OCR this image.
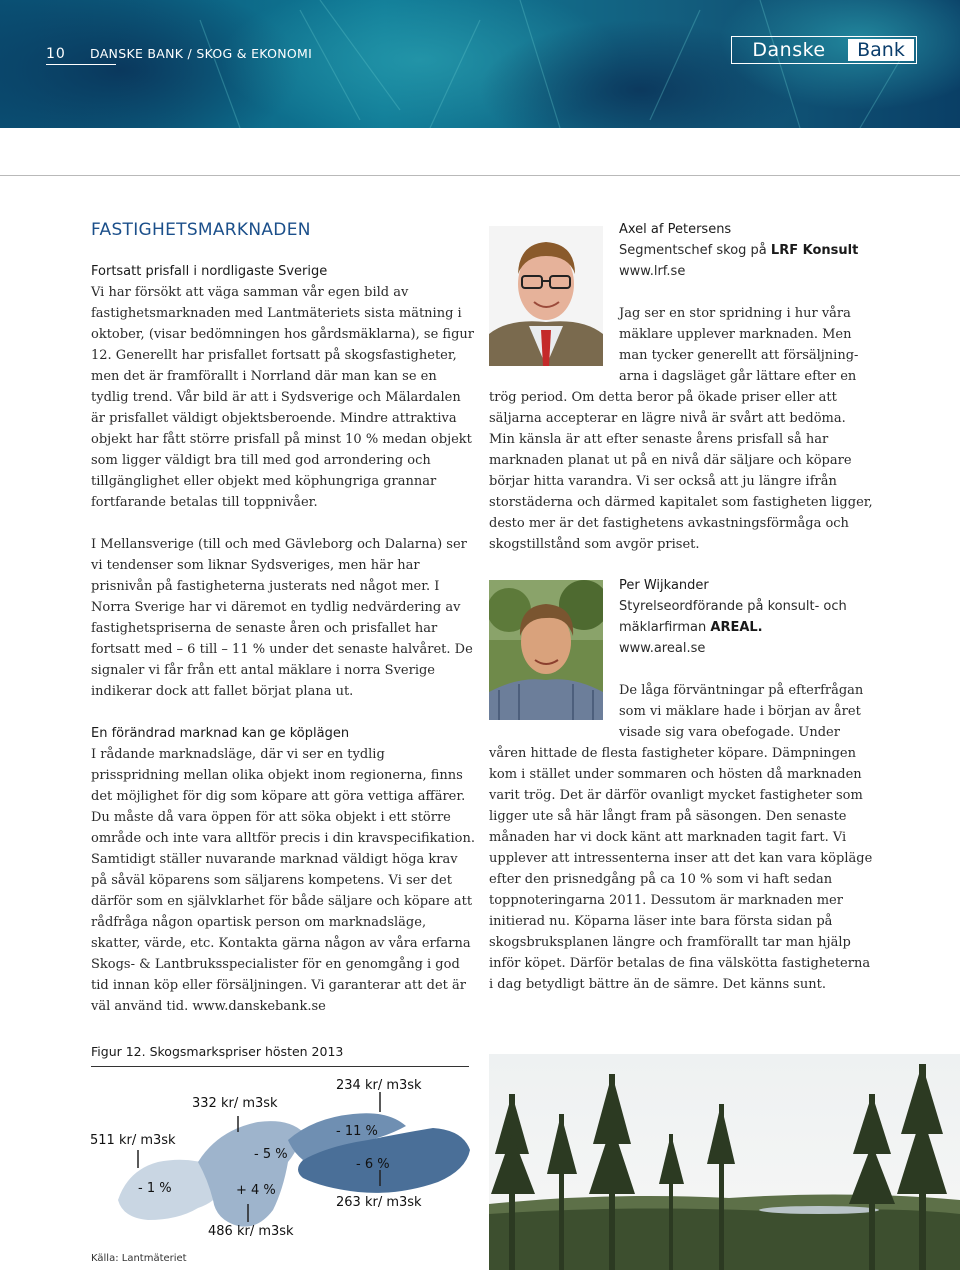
10 DANSKE BANK / SKOG & EKONOMI	Danske	Bank
FASTIGHETSMARKNADEN
Fortsatt prisfall i nordligaste Sverige

Vi har försökt att väga samman vår egen bild av fastighetsmarknaden med Lantmäteriets sista mätning i oktober, (visar bedömningen hos gårdsmäklarna), se figur 12. Generellt har prisfallet fortsatt på skogsfastigheter, men det är framförallt i Norrland där man kan se en tydlig trend. Vår bild är att i Sydsverige och Mälardalen är prisfallet väldigt objektsberoende. Mindre attraktiva objekt har fått större prisfall på minst 10 % medan objekt som ligger väldigt bra till med god arrondering och tillgänglighet eller objekt med köphungriga grannar fortfarande betalas till toppnivåer.

I Mellansverige (till och med Gävleborg och Dalarna) ser vi tendenser som liknar Sydsveriges, men här har prisnivån på fastigheterna justerats ned något mer. I Norra Sverige har vi däremot en tydlig nedvärdering av fastighetspriserna de senaste åren och prisfallet har fortsatt med – 6 till – 11 % under det senaste halvåret. De signaler vi får från ett antal mäklare i norra Sverige indikerar dock att fallet börjat plana ut.

En förändrad marknad kan ge köplägen

I rådande marknadsläge, där vi ser en tydlig prisspridning mellan olika objekt inom regionerna, finns det möjlighet för dig som köpare att göra vettiga affärer. Du måste då vara öppen för att söka objekt i ett större område och inte vara alltför precis i din kravspecifikation. Samtidigt ställer nuvarande marknad väldigt höga krav på såväl köparens som säljarens kompetens. Vi ser det därför som en självklarhet för både säljare och köpare att rådfråga någon opartisk person om marknadsläge, skatter, värde, etc. Kontakta gärna någon av våra erfarna Skogs- & Lantbruksspecialister för en genomgång i god tid innan köp eller försäljningen. Vi garanterar att det är väl använd tid. www.danskebank.se

Axel af Petersens
Segmentschef skog på LRF Konsult
www.lrf.se
Jag ser en stor spridning i hur våra
mäklare upplever marknaden. Men
man tycker generellt att försäljning-
arna i dagsläget går lättare efter en

trög period. Om detta beror på ökade priser eller att säljarna accepterar en lägre nivå är svårt att bedöma. Min känsla är att efter senaste årens prisfall så har marknaden planat ut på en nivå där säljare och köpare börjar hitta varandra. Vi ser också att ju längre ifrån storstäderna och därmed kapitalet som fastigheten ligger, desto mer är det fastighetens avkastningsförmåga och skogstillstånd som avgör priset.

Per Wijkander
Styrelseordförande på konsult- och
mäklarfirman AREAL.
www.areal.se
De låga förväntningar på efterfrågan
som vi mäklare hade i början av året
visade sig vara obefogade. Under

våren hittade de flesta fastigheter köpare. Dämpningen kom i stället under sommaren och hösten då marknaden varit trög. Det är därför ovanligt mycket fastigheter som ligger ute så här långt fram på säsongen. Den senaste månaden har vi dock känt att marknaden tagit fart. Vi upplever att intressenterna inser att det kan vara köpläge efter den prisnedgång på ca 10 % som vi haft sedan toppnoteringarna 2011. Dessutom är marknaden mer initierad nu. Köparna läser inte bara första sidan på skogsbruksplanen längre och framförallt tar man hjälp inför köpet. Därför betalas de fina välskötta fastigheterna i dag betydligt bättre än de sämre. Det känns sunt.

Figur 12. Skogsmarkspriser hösten 2013
511 kr/ m3sk
- 1 %
332 kr/ m3sk
- 5 %
+ 4 %
486 kr/ m3sk
234 kr/ m3sk
- 11 %
- 6 %
263 kr/ m3sk
Källa: Lantmäteriet
